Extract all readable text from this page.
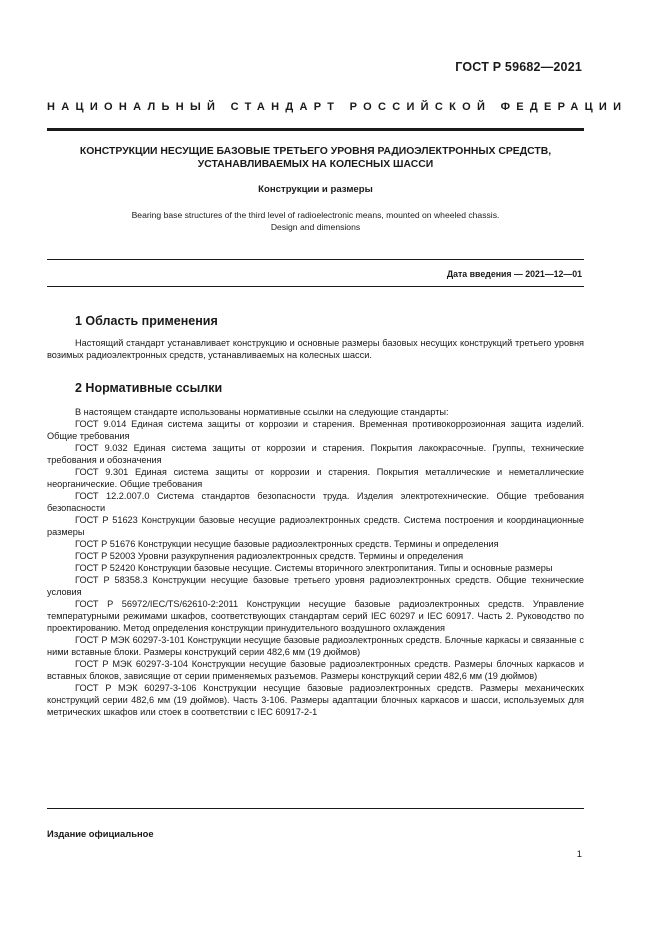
ГОСТ Р 59682—2021
НАЦИОНАЛЬНЫЙ СТАНДАРТ РОССИЙСКОЙ ФЕДЕРАЦИИ
КОНСТРУКЦИИ НЕСУЩИЕ БАЗОВЫЕ ТРЕТЬЕГО УРОВНЯ РАДИОЭЛЕКТРОННЫХ СРЕДСТВ,
УСТАНАВЛИВАЕМЫХ НА КОЛЕСНЫХ ШАССИ
Конструкции и размеры
Bearing base structures of the third level of radioelectronic means, mounted on wheeled chassis.
Design and dimensions
Дата введения — 2021—12—01
1 Область применения

Настоящий стандарт устанавливает конструкцию и основные размеры базовых несущих конструкций третьего уровня возимых радиоэлектронных средств, устанавливаемых на колесных шасси.

2 Нормативные ссылки

В настоящем стандарте использованы нормативные ссылки на следующие стандарты:

ГОСТ 9.014 Единая система защиты от коррозии и старения. Временная противокоррозионная защита изделий. Общие требования

ГОСТ 9.032 Единая система защиты от коррозии и старения. Покрытия лакокрасочные. Группы, технические требования и обозначения

ГОСТ 9.301 Единая система защиты от коррозии и старения. Покрытия металлические и неметаллические неорганические. Общие требования

ГОСТ 12.2.007.0 Система стандартов безопасности труда. Изделия электротехнические. Общие требования безопасности

ГОСТ Р 51623 Конструкции базовые несущие радиоэлектронных средств. Система построения и координационные размеры

ГОСТ Р 51676 Конструкции несущие базовые радиоэлектронных средств. Термины и определения

ГОСТ Р 52003 Уровни разукрупнения радиоэлектронных средств. Термины и определения

ГОСТ Р 52420 Конструкции базовые несущие. Системы вторичного электропитания. Типы и основные размеры

ГОСТ Р 58358.3 Конструкции несущие базовые третьего уровня радиоэлектронных средств. Общие технические условия

ГОСТ Р 56972/IEC/TS/62610-2:2011 Конструкции несущие базовые радиоэлектронных средств. Управление температурными режимами шкафов, соответствующих стандартам серий IEC 60297 и IEC 60917. Часть 2. Руководство по проектированию. Метод определения конструкции принудительного воздушного охлаждения

ГОСТ Р МЭК 60297-3-101 Конструкции несущие базовые радиоэлектронных средств. Блочные каркасы и связанные с ними вставные блоки. Размеры конструкций серии 482,6 мм (19 дюймов)

ГОСТ Р МЭК 60297-3-104 Конструкции несущие базовые радиоэлектронных средств. Размеры блочных каркасов и вставных блоков, зависящие от серии применяемых разъемов. Размеры конструкций серии 482,6 мм (19 дюймов)

ГОСТ Р МЭК 60297-3-106 Конструкции несущие базовые радиоэлектронных средств. Размеры механических конструкций серии 482,6 мм (19 дюймов). Часть 3-106. Размеры адаптации блочных каркасов и шасси, используемых для метрических шкафов или стоек в соответствии с IEC 60917-2-1

Издание официальное
1
